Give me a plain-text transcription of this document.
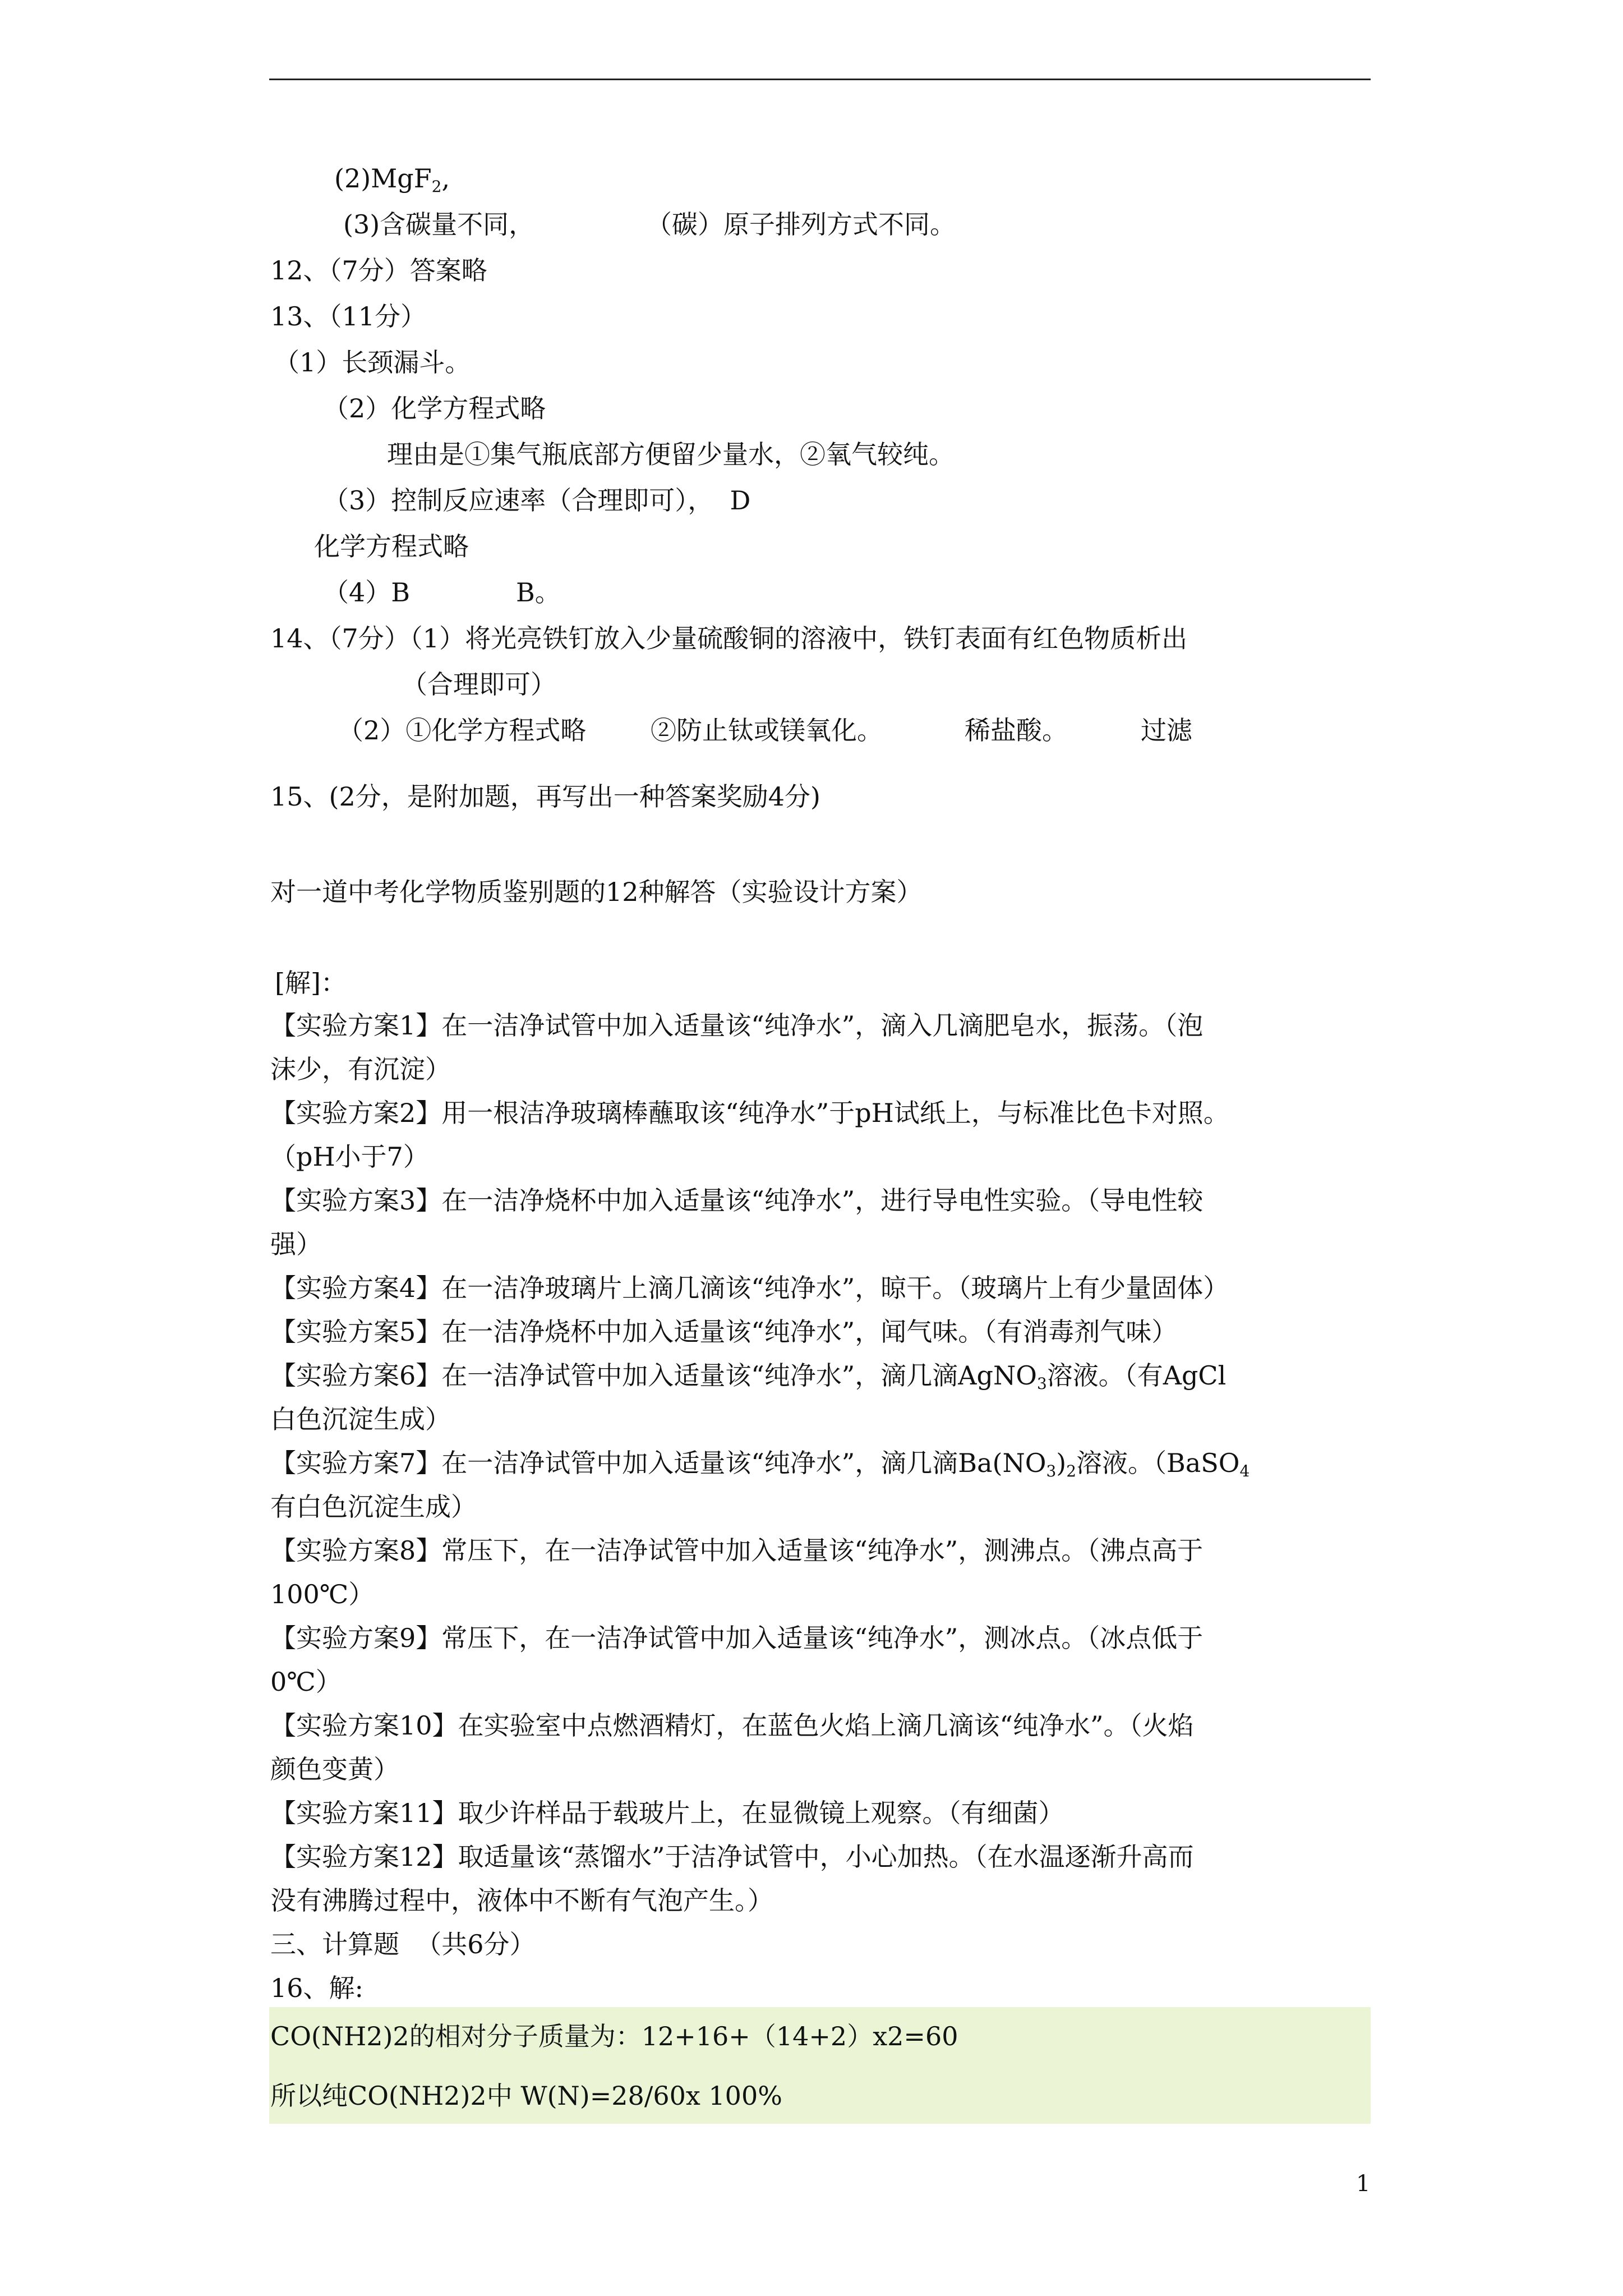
(2)MgF$_2$,
(3)含碳量不同，	（碳）原子排列方式不同。
12、（7分）答案略
13、（11分）
（1）长颈漏斗。
（2）化学方程式略
理由是①集气瓶底部方便留少量水，②氧气较纯。
（3）控制反应速率（合理即可），  D
化学方程式略
（4）B	B。
14、（7分）（1）将光亮铁钉放入少量硫酸铜的溶液中，铁钉表面有红色物质析出
（合理即可）
（2）①化学方程式略 ②防止钛或镁氧化。	稀盐酸。	过滤
15、(2分，是附加题，再写出一种答案奖励4分)
对一道中考化学物质鉴别题的12种解答（实验设计方案）
[解]：
【实验方案1】在一洁净试管中加入适量该“纯净水”，滴入几滴肥皂水，振荡。（泡
沫少，有沉淀）
【实验方案2】用一根洁净玻璃棒蘸取该“纯净水”于pH试纸上，与标准比色卡对照。
（pH小于7）
【实验方案3】在一洁净烧杯中加入适量该“纯净水”，进行导电性实验。（导电性较
强）
【实验方案4】在一洁净玻璃片上滴几滴该“纯净水”，晾干。（玻璃片上有少量固体）
【实验方案5】在一洁净烧杯中加入适量该“纯净水”，闻气味。（有消毒剂气味）
【实验方案6】在一洁净试管中加入适量该“纯净水”，滴几滴AgNO$_3$溶液。（有AgCl
白色沉淀生成）
【实验方案7】在一洁净试管中加入适量该“纯净水”，滴几滴$Ba(NO_3)_2$溶液。（BaSO$_4$
有白色沉淀生成）
【实验方案8】常压下，在一洁净试管中加入适量该“纯净水”，测沸点。（沸点高于
100℃）
【实验方案9】常压下，在一洁净试管中加入适量该“纯净水”，测冰点。（冰点低于
0℃）
【实验方案10】在实验室中点燃酒精灯，在蓝色火焰上滴几滴该“纯净水”。（火焰
颜色变黄）
【实验方案11】取少许样品于载玻片上，在显微镜上观察。（有细菌）
【实验方案12】取适量该“蒸馏水”于洁净试管中，小心加热。（在水温逐渐升高而
没有沸腾过程中，液体中不断有气泡产生。）
三、计算题  （共6分）
16、解:
CO(NH2)2的相对分子质量为：12+16+（14+2）x2=60
所以纯CO(NH2)2中 W(N)=28/60x 100%
1
